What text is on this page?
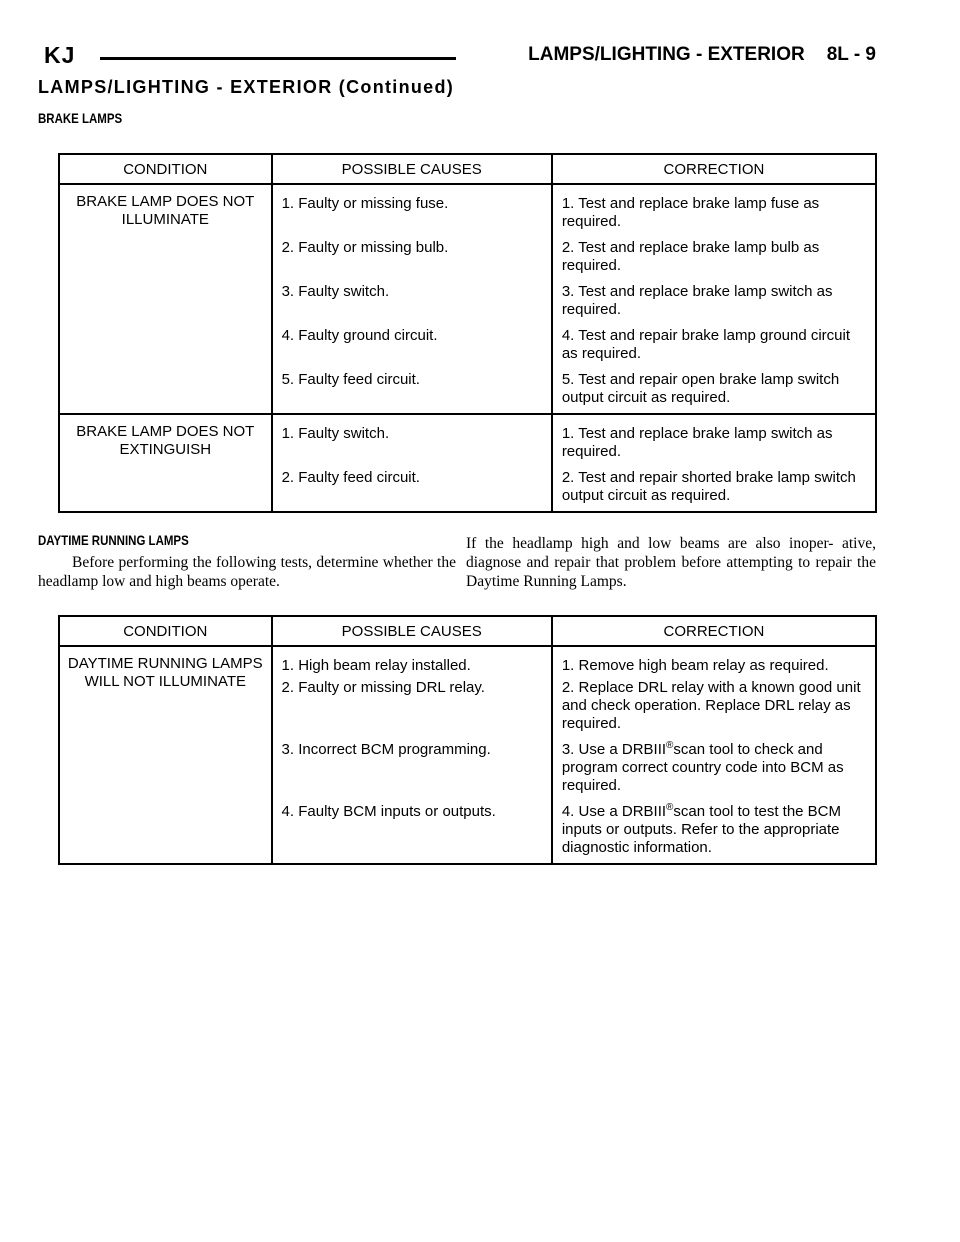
KJ	LAMPS/LIGHTING - EXTERIOR 8L - 9
LAMPS/LIGHTING - EXTERIOR (Continued)
BRAKE LAMPS
CONDITION	POSSIBLE CAUSES	CORRECTION
BRAKE LAMP DOES NOT ILLUMINATE	1. Faulty or missing fuse.	1. Test and replace brake lamp fuse as required.
	2. Faulty or missing bulb.	2. Test and replace brake lamp bulb as required.
	3. Faulty switch.	3. Test and replace brake lamp switch as required.
	4. Faulty ground circuit.	4. Test and repair brake lamp ground circuit as required.
	5. Faulty feed circuit.	5. Test and repair open brake lamp switch output circuit as required.
BRAKE LAMP DOES NOT EXTINGUISH	1. Faulty switch.	1. Test and replace brake lamp switch as required.
	2. Faulty feed circuit.	2. Test and repair shorted brake lamp switch output circuit as required.
DAYTIME RUNNING LAMPS

Before performing the following tests, determine whether the headlamp low and high beams operate.

If the headlamp high and low beams are also inoper- ative, diagnose and repair that problem before attempting to repair the Daytime Running Lamps.

CONDITION	POSSIBLE CAUSES	CORRECTION
DAYTIME RUNNING LAMPS WILL NOT ILLUMINATE	1. High beam relay installed.	1. Remove high beam relay as required.
	2. Faulty or missing DRL relay.	2. Replace DRL relay with a known good unit and check operation. Replace DRL relay as required.
	3. Incorrect BCM programming.	3. Use a DRBIII®scan tool to check and program correct country code into BCM as required.
	4. Faulty BCM inputs or outputs.	4. Use a DRBIII®scan tool to test the BCM inputs or outputs. Refer to the appropriate diagnostic information.
